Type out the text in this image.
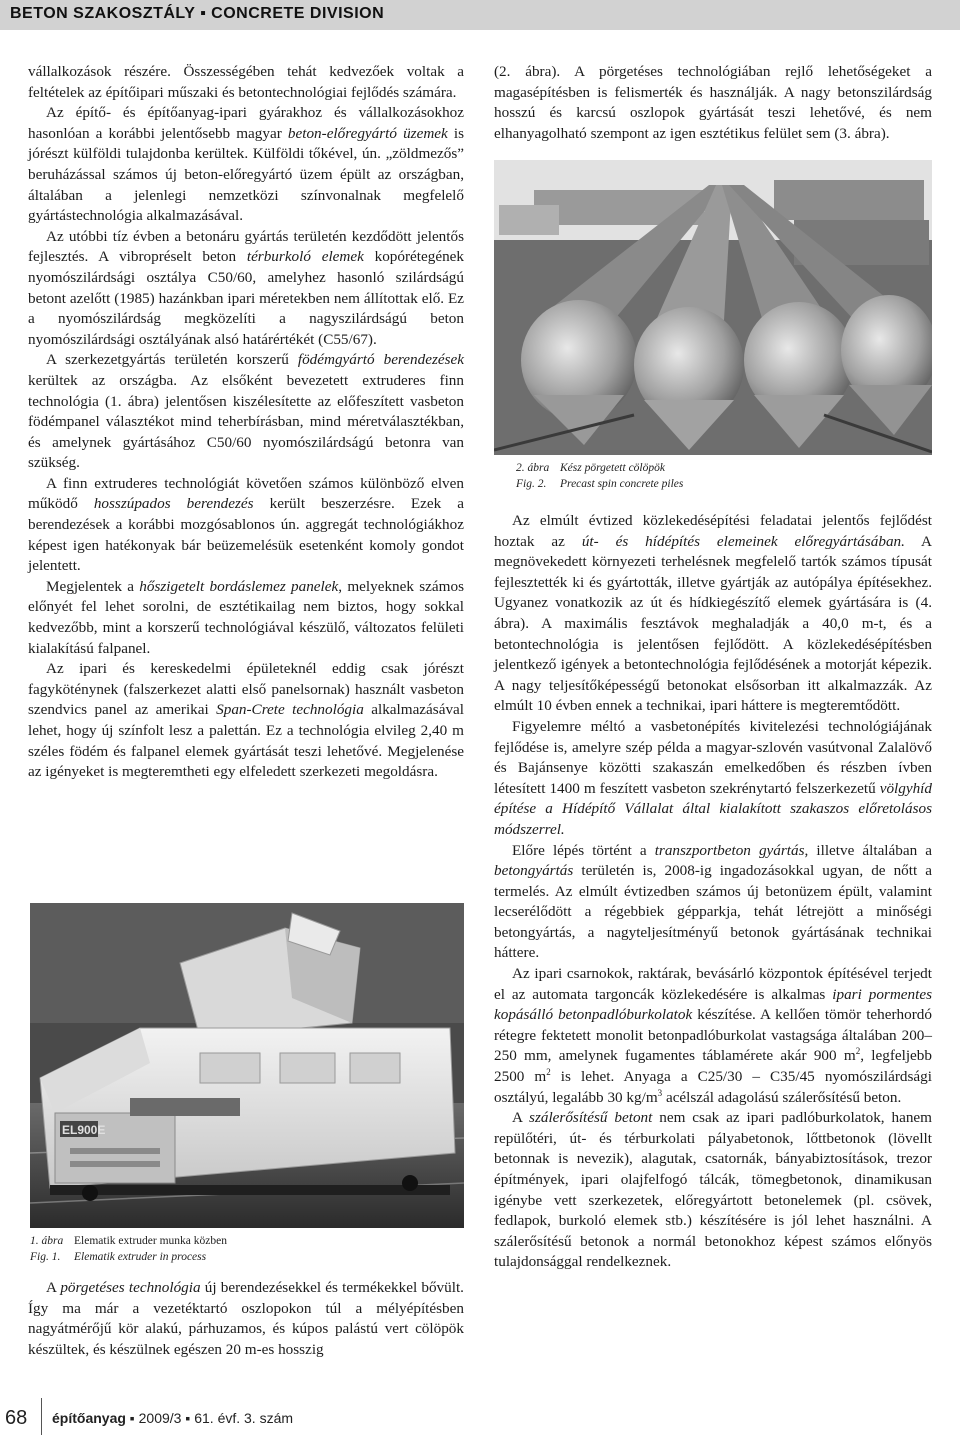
BETON SZAKOSZTÁLY ▪ CONCRETE DIVISION

vállalkozások részére. Összességében tehát kedvezőek voltak a feltételek az építőipari műszaki és betontechnológiai fejlődés számára.

Az építő- és építőanyag-ipari gyárakhoz és vállalkozásokhoz hasonlóan a korábbi jelentősebb magyar beton-előregyártó üzemek is jórészt külföldi tulajdonba kerültek. Külföldi tőkével, ún. „zöldmezős” beruházással számos új beton-előregyártó üzem épült az országban, általában a jelenlegi nemzetközi színvonalnak megfelelő gyártástechnológia alkalmazásával.

Az utóbbi tíz évben a betonáru gyártás területén kezdődött jelentős fejlesztés. A vibropréselt beton térburkoló elemek kopórétegének nyomószilárdsági osztálya C50/60, amelyhez hasonló szilárdságú betont azelőtt (1985) hazánkban ipari méretekben nem állítottak elő. Ez a nyomószilárdság megközelíti a nagyszilárdságú beton nyomószilárdsági osztályának alsó határértékét (C55/67).

A szerkezetgyártás területén korszerű födémgyártó berendezések kerültek az országba. Az elsőként bevezetett extruderes finn technológia (1. ábra) jelentősen kiszélesítette az előfeszített vasbeton födémpanel választékot mind teherbírásban, mind méretválasztékban, és amelynek gyártásához C50/60 nyomószilárdságú betonra van szükség.

A finn extruderes technológiát követően számos különböző elven működő hosszúpados berendezés került beszerzésre. Ezek a berendezések a korábbi mozgósablonos ún. aggregát technológiákhoz képest igen hatékonyak bár beüzemelésük esetenként komoly gondot jelentett.

Megjelentek a hőszigetelt bordáslemez panelek, melyeknek számos előnyét fel lehet sorolni, de esztétikailag nem biztos, hogy sokkal kedvezőbb, mint a korszerű technológiával készülő, változatos felületi kialakítású falpanel.

Az ipari és kereskedelmi épületeknél eddig csak jórészt fagyköténynek (falszerkezet alatti első panelsornak) használt vasbeton szendvics panel az amerikai Span-Crete technológia alkalmazásával lehet, hogy új színfolt lesz a palettán. Ez a technológia elvileg 2,40 m széles födém és falpanel elemek gyártását teszi lehetővé. Megjelenése az igényeket is megteremtheti egy elfeledett szerkezeti megoldásra.

EL900E
1. ábra Elematik extruder munka közben
Fig. 1. Elematik extruder in process

A pörgetéses technológia új berendezésekkel és termékekkel bővült. Így ma már a vezetéktartó oszlopokon túl a mélyépítésben nagyátmérőjű kör alakú, párhuzamos, és kúpos palástú vert cölöpök készültek, és készülnek egészen 20 m-es hosszig

(2. ábra). A pörgetéses technológiában rejlő lehetőségeket a magasépítésben is felismerték és használják. A nagy betonszilárdság hosszú és karcsú oszlopok gyártását teszi lehetővé, és nem elhanyagolható szempont az igen esztétikus felület sem (3. ábra).

2. ábra Kész pörgetett cölöpök
Fig. 2. Precast spin concrete piles

Az elmúlt évtized közlekedésépítési feladatai jelentős fejlődést hoztak az út- és hídépítés elemeinek előregyártásában. A megnövekedett környezeti terhelésnek megfelelő tartók számos típusát fejlesztették ki és gyártották, illetve gyártják az autópálya építésekhez. Ugyanez vonatkozik az út és hídkiegészítő elemek gyártására is (4. ábra). A maximális fesztávok meghaladják a 40,0 m-t, és a betontechnológia is jelentősen fejlődött. A közlekedésépítésben jelentkező igények a betontechnológia fejlődésének a motorját képezik. A nagy teljesítőképességű betonokat elsősorban itt alkalmazzák. Az elmúlt 10 évben ennek a technikai, ipari háttere is megteremtődött.

Figyelemre méltó a vasbetonépítés kivitelezési technológiájának fejlődése is, amelyre szép példa a magyar-szlovén vasútvonal Zalalövő és Bajánsenye közötti szakaszán emelkedőben és részben ívben létesített 1400 m feszített vasbeton szekrénytartó felszerkezetű völgyhíd építése a Hídépítő Vállalat által kialakított szakaszos előretolásos módszerrel.

Előre lépés történt a transzportbeton gyártás, illetve általában a betongyártás területén is, 2008-ig ingadozásokkal ugyan, de nőtt a termelés. Az elmúlt évtizedben számos új betonüzem épült, valamint lecserélődött a régebbiek gépparkja, tehát létrejött a minőségi betongyártás, a nagyteljesítményű betonok gyártásának technikai háttere.

Az ipari csarnokok, raktárak, bevásárló központok építésével terjedt el az automata targoncák közlekedésére is alkalmas ipari pormentes kopásálló betonpadlóburkolatok készítése. A kellően tömör teherhordó rétegre fektetett monolit betonpadlóburkolat vastagsága általában 200–250 mm, amelynek fugamentes táblamérete akár 900 $m^2$, legfeljebb 2500 $m^2$ is lehet. Anyaga a C25/30 – C35/45 nyomószilárdsági osztályú, legalább 30 $kg/m^3$ acélszál adagolású szálerősítésű beton.

A szálerősítésű betont nem csak az ipari padlóburkolatok, hanem repülőtéri, út- és térburkolati pályabetonok, lőttbetonok (lövellt betonnak is nevezik), alagutak, csatornák, bányabiztosítások, trezor építmények, ipari olajfelfogó tálcák, tömegbetonok, dinamikusan igénybe vett szerkezetek, előregyártott betonelemek (pl. csövek, fedlapok, burkoló elemek stb.) készítésére is jól lehet használni. A szálerősítésű betonok a normál betonokhoz képest számos előnyös tulajdonsággal rendelkeznek.

68 építőanyag ▪ 2009/3 ▪ 61. évf. 3. szám
